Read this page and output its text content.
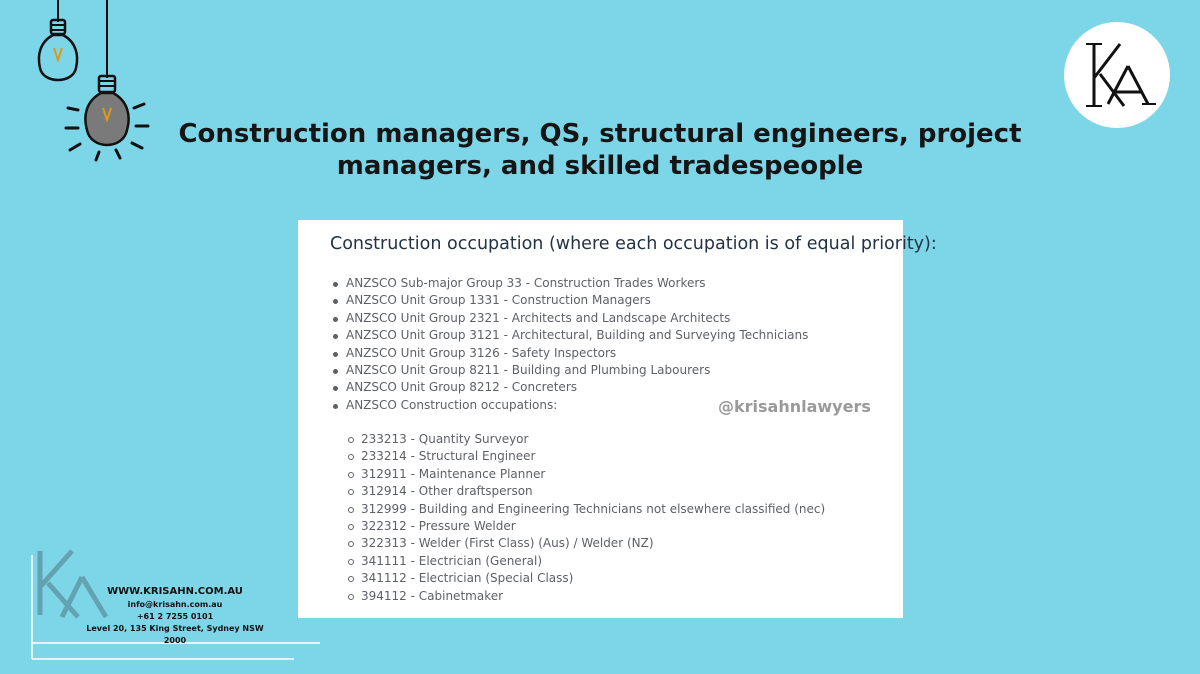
Construction managers, QS, structural engineers, project
managers, and skilled tradespeople
Construction occupation (where each occupation is of equal priority):
ANZSCO Sub-major Group 33 - Construction Trades Workers
ANZSCO Unit Group 1331 - Construction Managers
ANZSCO Unit Group 2321 - Architects and Landscape Architects
ANZSCO Unit Group 3121 - Architectural, Building and Surveying Technicians
ANZSCO Unit Group 3126 - Safety Inspectors
ANZSCO Unit Group 8211 - Building and Plumbing Labourers
ANZSCO Unit Group 8212 - Concreters
ANZSCO Construction occupations:	@krisahnlawyers
233213 - Quantity Surveyor
233214 - Structural Engineer
312911 - Maintenance Planner
312914 - Other draftsperson
312999 - Building and Engineering Technicians not elsewhere classified (nec)
322312 - Pressure Welder
322313 - Welder (First Class) (Aus) / Welder (NZ)
341111 - Electrician (General)
341112 - Electrician (Special Class)
394112 - Cabinetmaker
WWW.KRISAHN.COM.AU
info@krisahn.com.au
+61 2 7255 0101
Level 20, 135 King Street, Sydney NSW 2000
